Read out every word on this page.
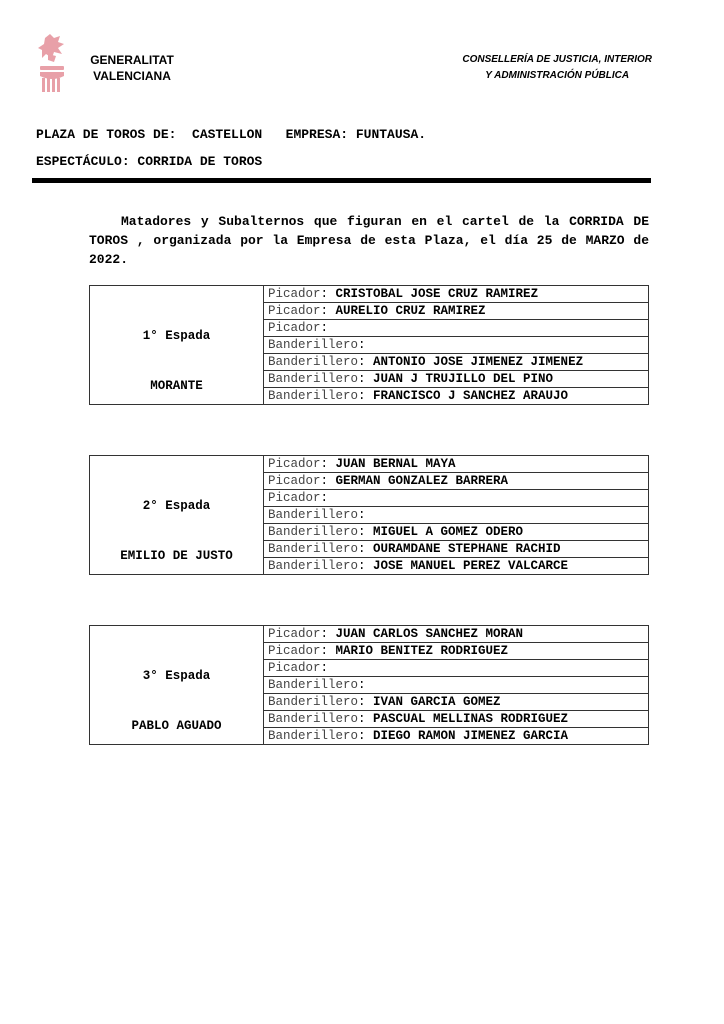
GENERALITAT
VALENCIANA
CONSELLERÍA DE JUSTICIA, INTERIOR
Y ADMINISTRACIÓN PÚBLICA
PLAZA DE TOROS DE:  CASTELLON   EMPRESA: FUNTAUSA.
ESPECTÁCULO: CORRIDA DE TOROS

Matadores y Subalternos que figuran en el cartel de la CORRIDA DE TOROS , organizada por la Empresa de esta Plaza, el día 25 de MARZO de 2022.

1° Espada
MORANTE
	Picador: CRISTOBAL JOSE CRUZ RAMIREZ
Picador: AURELIO CRUZ RAMIREZ
Picador:
Banderillero:
Banderillero: ANTONIO JOSE JIMENEZ JIMENEZ
Banderillero: JUAN J TRUJILLO DEL PINO
Banderillero: FRANCISCO J SANCHEZ ARAUJO
2° Espada
EMILIO DE JUSTO
	Picador: JUAN BERNAL MAYA
Picador: GERMAN GONZALEZ BARRERA
Picador:
Banderillero:
Banderillero: MIGUEL A GOMEZ ODERO
Banderillero: OURAMDANE STEPHANE RACHID
Banderillero: JOSE MANUEL PEREZ VALCARCE
3° Espada
PABLO AGUADO
	Picador: JUAN CARLOS SANCHEZ MORAN
Picador: MARIO BENITEZ RODRIGUEZ
Picador:
Banderillero:
Banderillero: IVAN GARCIA GOMEZ
Banderillero: PASCUAL MELLINAS RODRIGUEZ
Banderillero: DIEGO RAMON JIMENEZ GARCIA
